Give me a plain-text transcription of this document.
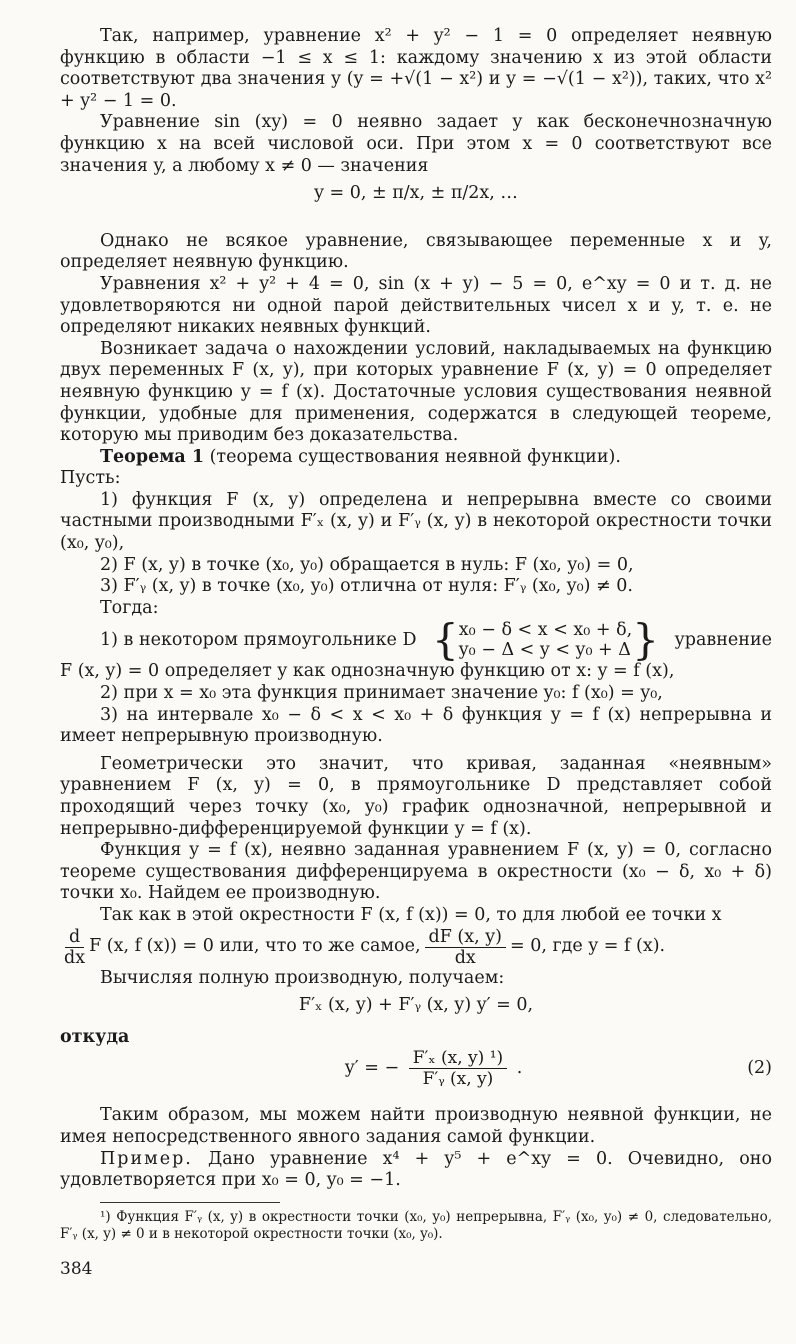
Так, например, уравнение x² + y² − 1 = 0 определяет неявную функцию в области −1 ≤ x ≤ 1: каждому значению x из этой области соответствуют два значения y (y = +√(1 − x²) и y = −√(1 − x²)), таких, что x² + y² − 1 = 0.

Уравнение sin (xy) = 0 неявно задает y как бесконечнозначную функцию x на всей числовой оси. При этом x = 0 соответствуют все значения y, а любому x ≠ 0 — значения

y = 0, ± π/x, ± π/2x, …

Однако не всякое уравнение, связывающее переменные x и y, определяет неявную функцию.

Уравнения x² + y² + 4 = 0, sin (x + y) − 5 = 0, e^xy = 0 и т. д. не удовлетворяются ни одной парой действительных чисел x и y, т. е. не определяют никаких неявных функций.

Возникает задача о нахождении условий, накладываемых на функцию двух переменных F (x, y), при которых уравнение F (x, y) = 0 определяет неявную функцию y = f (x). Достаточные условия существования неявной функции, удобные для применения, содержатся в следующей теореме, которую мы приводим без доказательства.

Теорема 1 (теорема существования неявной функции).

Пусть:

1) функция F (x, y) определена и непрерывна вместе со своими частными производными F′ₓ (x, y) и F′ᵧ (x, y) в некоторой окрестности точки (x₀, y₀),

2) F (x, y) в точке (x₀, y₀) обращается в нуль: F (x₀, y₀) = 0,

3) F′ᵧ (x, y) в точке (x₀, y₀) отлична от нуля: F′ᵧ (x₀, y₀) ≠ 0.

Тогда:

1) в некотором прямоугольнике D { x₀ − δ < x < x₀ + δ,
y₀ − Δ < y < y₀ + Δ } уравнение

F (x, y) = 0 определяет y как однозначную функцию от x: y = f (x),

2) при x = x₀ эта функция принимает значение y₀: f (x₀) = y₀,

3) на интервале x₀ − δ < x < x₀ + δ функция y = f (x) непрерывна и имеет непрерывную производную.

Геометрически это значит, что кривая, заданная «неявным» уравнением F (x, y) = 0, в прямоугольнике D представляет собой проходящий через точку (x₀, y₀) график однозначной, непрерывной и непрерывно-дифференцируемой функции y = f (x).

Функция y = f (x), неявно заданная уравнением F (x, y) = 0, согласно теореме существования дифференцируема в окрестности (x₀ − δ, x₀ + δ) точки x₀. Найдем ее производную.

Так как в этой окрестности F (x, f (x)) = 0, то для любой ее точки x

$\frac{d}{dx}$ F (x, f (x)) = 0 или, что то же самое, $\frac{dF (x, y)}{dx} = 0$, где y = f (x).

Вычисляя полную производную, получаем:

F′ₓ (x, y) + F′ᵧ (x, y) y′ = 0,

откуда

y′ = − $\frac{\text{F′ₓ (x, y) ¹)}}{\text{F′ᵧ (x, y)}}$ .	(2)

Таким образом, мы можем найти производную неявной функции, не имея непосредственного явного задания самой функции.

Пример. Дано уравнение x⁴ + y⁵ + e^xy = 0. Очевидно, оно удовлетворяется при x₀ = 0, y₀ = −1.

¹) Функция F′ᵧ (x, y) в окрестности точки (x₀, y₀) непрерывна, F′ᵧ (x₀, y₀) ≠ 0, следовательно, F′ᵧ (x, y) ≠ 0 и в некоторой окрестности точки (x₀, y₀).

384
